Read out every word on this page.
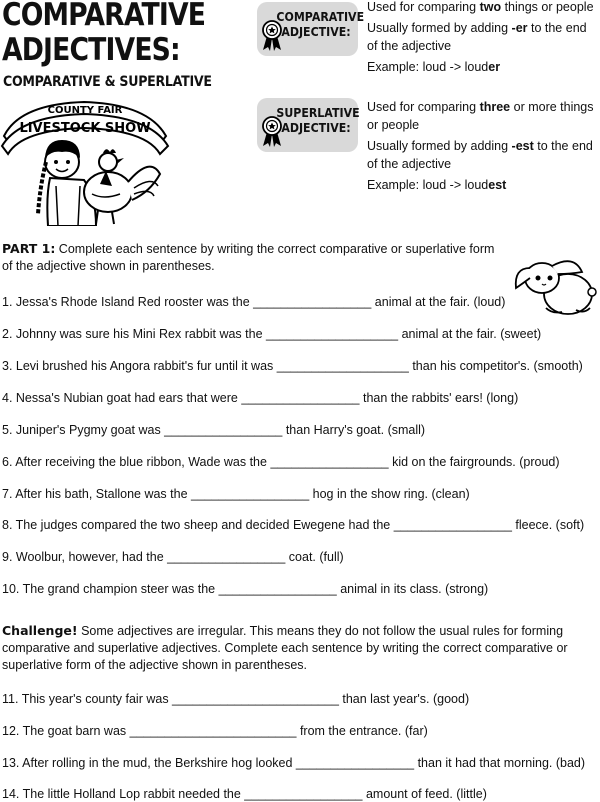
COMPARATIVE
ADJECTIVES:
COMPARATIVE & SUPERLATIVE
COUNTY FAIR
LIVESTOCK SHOW
COMPARATIVE
ADJECTIVE:

Used for comparing two things or people

Usually formed by adding -er to the end of the adjective

Example: loud -> louder

SUPERLATIVE
ADJECTIVE:

Used for comparing three or more things or people

Usually formed by adding -est to the end of the adjective

Example: loud -> loudest

PART 1: Complete each sentence by writing the correct comparative or superlative form of the adjective shown in parentheses.
1. Jessa's Rhode Island Red rooster was the _________________ animal at the fair. (loud)
2. Johnny was sure his Mini Rex rabbit was the ___________________ animal at the fair. (sweet)
3. Levi brushed his Angora rabbit's fur until it was ___________________ than his competitor's. (smooth)
4. Nessa's Nubian goat had ears that were _________________ than the rabbits' ears! (long)
5. Juniper's Pygmy goat was _________________ than Harry's goat. (small)
6. After receiving the blue ribbon, Wade was the _________________ kid on the fairgrounds. (proud)
7. After his bath, Stallone was the _________________ hog in the show ring. (clean)
8. The judges compared the two sheep and decided Ewegene had the _________________ fleece. (soft)
9. Woolbur, however, had the _________________ coat. (full)
10. The grand champion steer was the _________________ animal in its class. (strong)
Challenge! Some adjectives are irregular. This means they do not follow the usual rules for forming comparative and superlative adjectives. Complete each sentence by writing the correct comparative or superlative form of the adjective shown in parentheses.
11. This year's county fair was ________________________ than last year's. (good)
12. The goat barn was ________________________ from the entrance. (far)
13. After rolling in the mud, the Berkshire hog looked _________________ than it had that morning. (bad)
14. The little Holland Lop rabbit needed the _________________ amount of feed. (little)
